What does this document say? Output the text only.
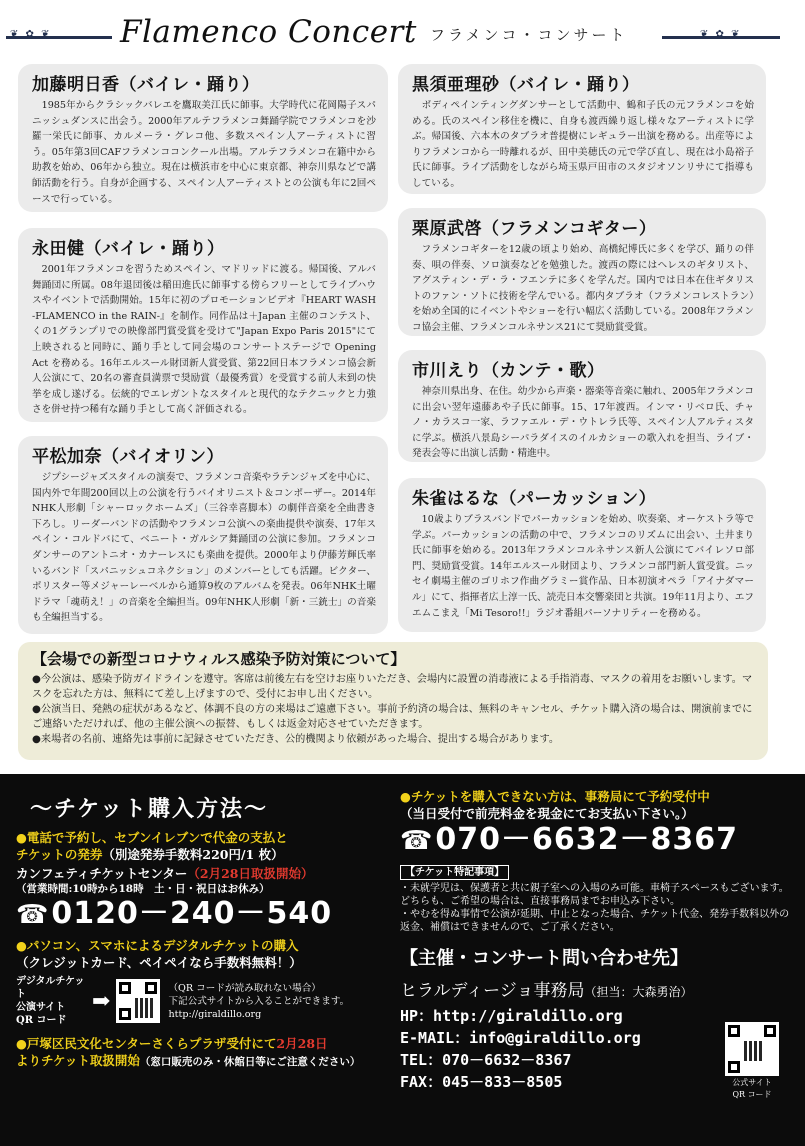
❦ ✿ ❦ Flamenco Concert フラメンコ・コンサート	❦ ✿ ❦
加藤明日香（バイレ・踊り）

1985年からクラシックバレエを鷹取美江氏に師事。大学時代に花岡陽子スパニッシュダンスに出会う。2000年アルテフラメンコ舞踊学院でフラメンコを沙羅一栄氏に師事、カルメーラ・グレコ他、多数スペイン人アーティストに習う。05年第3回CAFフラメンココンクール出場。アルテフラメンコ在籍中から助教を始め、06年から独立。現在は横浜市を中心に東京都、神奈川県などで講師活動を行う。自身が企画する、スペイン人アーティストとの公演も年に2回ペースで行っている。

永田健（バイレ・踊り）

2001年フラメンコを習うためスペイン、マドリッドに渡る。帰国後、アルバ舞踊団に所属。08年退団後は稲田進氏に師事する傍らフリーとしてライブハウスやイベントで活動開始。15年に初のプロモーションビデオ『HEART WASH -FLAMENCO in the RAIN-』を制作。同作品は＋Japan 主催のコンテスト、くの1グランプリでの映像部門賞受賞を受けて"Japan Expo Paris 2015"にて上映されると同時に、踊り手として同会場のコンサートステージで Opening Act を務める。16年エルスール財団新人賞受賞、第22回日本フラメンコ協会新人公演にて、20名の審査員満票で奨励賞（最優秀賞）を受賞する前人未到の快挙を成し遂げる。伝統的でエレガントなスタイルと現代的なテクニックと力強さを併せ持つ稀有な踊り手として高く評価される。

平松加奈（バイオリン）

ジプシージャズスタイルの演奏で、フラメンコ音楽やラテンジャズを中心に、国内外で年間200回以上の公演を行うバイオリニスト＆コンポーザー。2014年NHK人形劇「シャーロックホームズ」（三谷幸喜脚本）の劇伴音楽を全曲書き下ろし。リーダーバンドの活動やフラメンコ公演への楽曲提供や演奏、17年スペイン・コルドバにて、ベニート・ガルシア舞踊団の公演に参加。フラメンコダンサーのアントニオ・カナーレスにも楽曲を提供。2000年より伊藤芳輝氏率いるバンド「スパニッシュコネクション」のメンバーとしても活躍。ビクター、ポリスター等メジャーレーベルから通算9枚のアルバムを発表。06年NHK土曜ドラマ「魂萌え！」の音楽を全編担当。09年NHK人形劇「新・三銃士」の音楽も全編担当する。

黒須亜理砂（バイレ・踊り）

ボディペインティングダンサーとして活動中、鶴和子氏の元フラメンコを始める。氏のスペイン移住を機に、自身も渡西繰り返し様々なアーティストに学ぶ。帰国後、六本木のタブラオ普提樹にレギュラー出演を務める。出産等によりフラメンコから一時離れるが、田中美穂氏の元で学び直し、現在は小島裕子氏に師事。ライブ活動をしながら埼玉県戸田市のスタジオソンリサにて指導もしている。

栗原武啓（フラメンコギター）

フラメンコギターを12歳の頃より始め、高橋紀博氏に多くを学び、踊りの伴奏、唄の伴奏、ソロ演奏などを勉強した。渡西の際にはヘレスのギタリスト、アグスティン・デ・ラ・フエンテに多くを学んだ。国内では日本在住ギタリストのファン・ソトに技術を学んでいる。都内タブラオ（フラメンコレストラン）を始め全国的にイベントやショーを行い幅広く活動している。2008年フラメンコ協会主催、フラメンコルネサンス21にて奨励賞受賞。

市川えり（カンテ・歌）

神奈川県出身、在住。幼少から声楽・器楽等音楽に触れ、2005年フラメンコに出会い翌年遠藤あや子氏に師事。15、17年渡西。インマ・リベロ氏、チャノ・カラスコ一家、ラファエル・デ・ウトレラ氏等、スペイン人アルティスタに学ぶ。横浜八景島シーパラダイスのイルカショーの歌入れを担当、ライブ・発表会等に出演し活動・精進中。

朱雀はるな（パーカッション）

10歳よりブラスバンドでパーカッションを始め、吹奏楽、オーケストラ等で学ぶ。パーカッションの活動の中で、フラメンコのリズムに出会い、土井まり氏に師事を始める。2013年フラメンコルネサンス新人公演にてバイレソロ部門、奨励賞受賞。14年エルスール財団より、フラメンコ部門新人賞受賞。ニッセイ劇場主催のゴリホフ作曲グラミー賞作品、日本初演オペラ「アイナダマール」にて、指揮者広上淳一氏、読売日本交響楽団と共演。19年11月より、エフエムこまえ「Mi Tesoro!!」ラジオ番組パーソナリティーを務める。

【会場での新型コロナウィルス感染予防対策について】

●今公演は、感染予防ガイドラインを遵守。客席は前後左右を空けお座りいただき、会場内に設置の消毒液による手指消毒、マスクの着用をお願いします。マスクを忘れた方は、無料にて差し上げますので、受付にお申し出ください。

●公演当日、発熱の症状があるなど、体調不良の方の来場はご遠慮下さい。事前予約済の場合は、無料のキャンセル、チケット購入済の場合は、開演前までにご連絡いただければ、他の主催公演への振替、もしくは返金対応させていただきます。

●来場者の名前、連絡先は事前に記録させていただき、公的機関より依頼があった場合、提出する場合があります。

～チケット購入方法～
●電話で予約し、セブンイレブンで代金の支払と
チケットの発券（別途発券手数料220円/1 枚）
カンフェティチケットセンター（2月28日取扱開始）
（営業時間:10時から18時　土・日・祝日はお休み）
☎0120－240－540
●パソコン、スマホによるデジタルチケットの購入
（クレジットカード、ペイペイなら手数料無料！）
デジタルチケット
公演サイト
QR コード
➡
（QR コードが読み取れない場合）
下記公式サイトから入ることができます。
http://giraldillo.org
●戸塚区民文化センターさくらプラザ受付にて2月28日
よりチケット取扱開始（窓口販売のみ・休館日等にご注意ください）
●チケットを購入できない方は、事務局にて予約受付中
（当日受付で前売料金を現金にてお支払い下さい。）
☎070－6632－8367
【チケット特記事項】
・未就学児は、保護者と共に親子室への入場のみ可能。車椅子スペースもございます。どちらも、ご希望の場合は、直接事務局までお申込み下さい。
・やむを得ぬ事情で公演が延期、中止となった場合、チケット代金、発券手数料以外の返金、補償はできませんので、ご了承ください。
【主催・コンサート問い合わせ先】
ヒラルディージョ事務局（担当：大森勇治）
HP：http://giraldillo.org
E-MAIL：info@giraldillo.org
TEL：070－6632－8367
FAX：045－833－8505	公式サイト
QR コード
